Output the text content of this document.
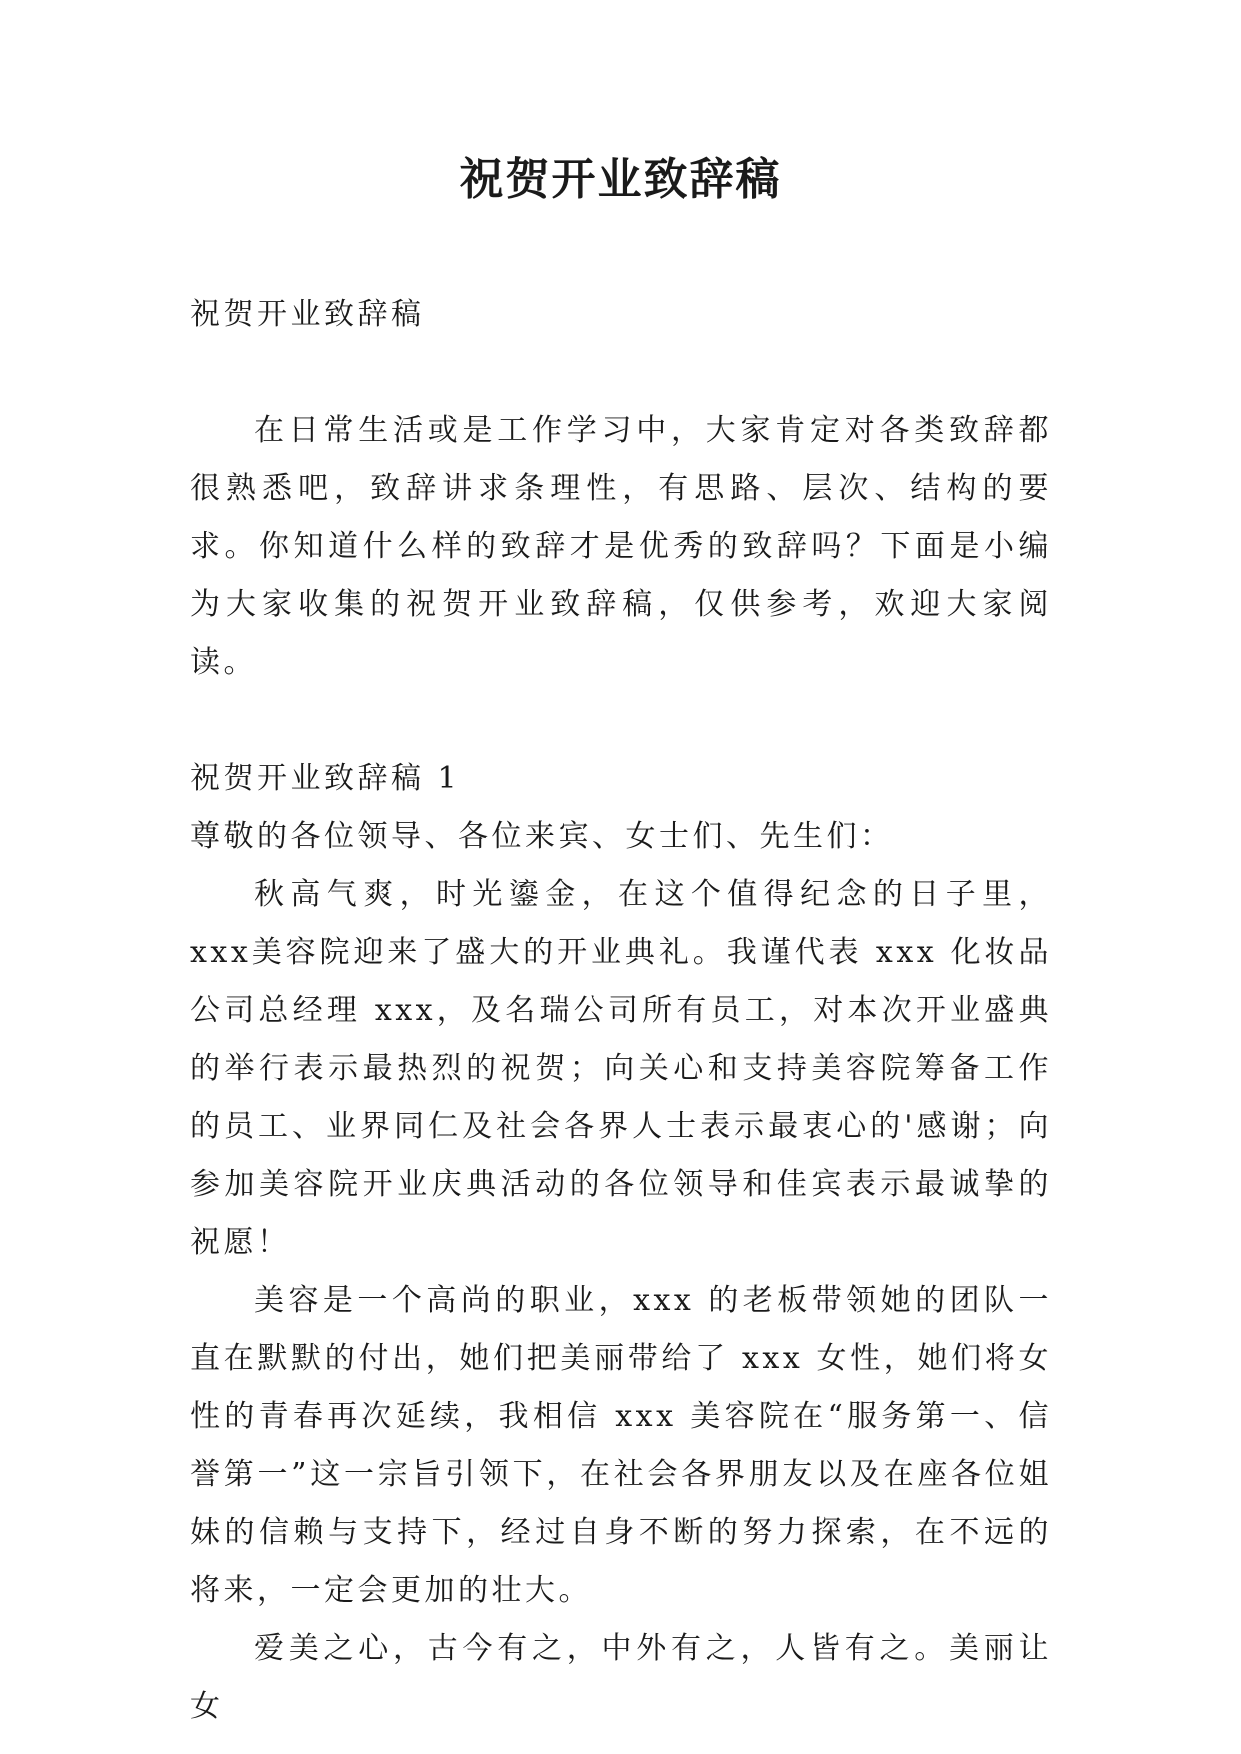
祝贺开业致辞稿

祝贺开业致辞稿

在日常生活或是工作学习中，大家肯定对各类致辞都很熟悉吧，致辞讲求条理性，有思路、层次、结构的要求。你知道什么样的致辞才是优秀的致辞吗？下面是小编为大家收集的祝贺开业致辞稿，仅供参考，欢迎大家阅读。

祝贺开业致辞稿 1

尊敬的各位领导、各位来宾、女士们、先生们：

秋高气爽，时光鎏金，在这个值得纪念的日子里，xxx美容院迎来了盛大的开业典礼。我谨代表 xxx 化妆品公司总经理 xxx，及名瑞公司所有员工，对本次开业盛典的举行表示最热烈的祝贺；向关心和支持美容院筹备工作的员工、业界同仁及社会各界人士表示最衷心的'感谢；向参加美容院开业庆典活动的各位领导和佳宾表示最诚挚的祝愿！

美容是一个高尚的职业，xxx 的老板带领她的团队一直在默默的付出，她们把美丽带给了 xxx 女性，她们将女性的青春再次延续，我相信 xxx 美容院在“服务第一、信誉第一”这一宗旨引领下，在社会各界朋友以及在座各位姐妹的信赖与支持下，经过自身不断的努力探索，在不远的将来，一定会更加的壮大。

爱美之心，古今有之，中外有之，人皆有之。美丽让女
